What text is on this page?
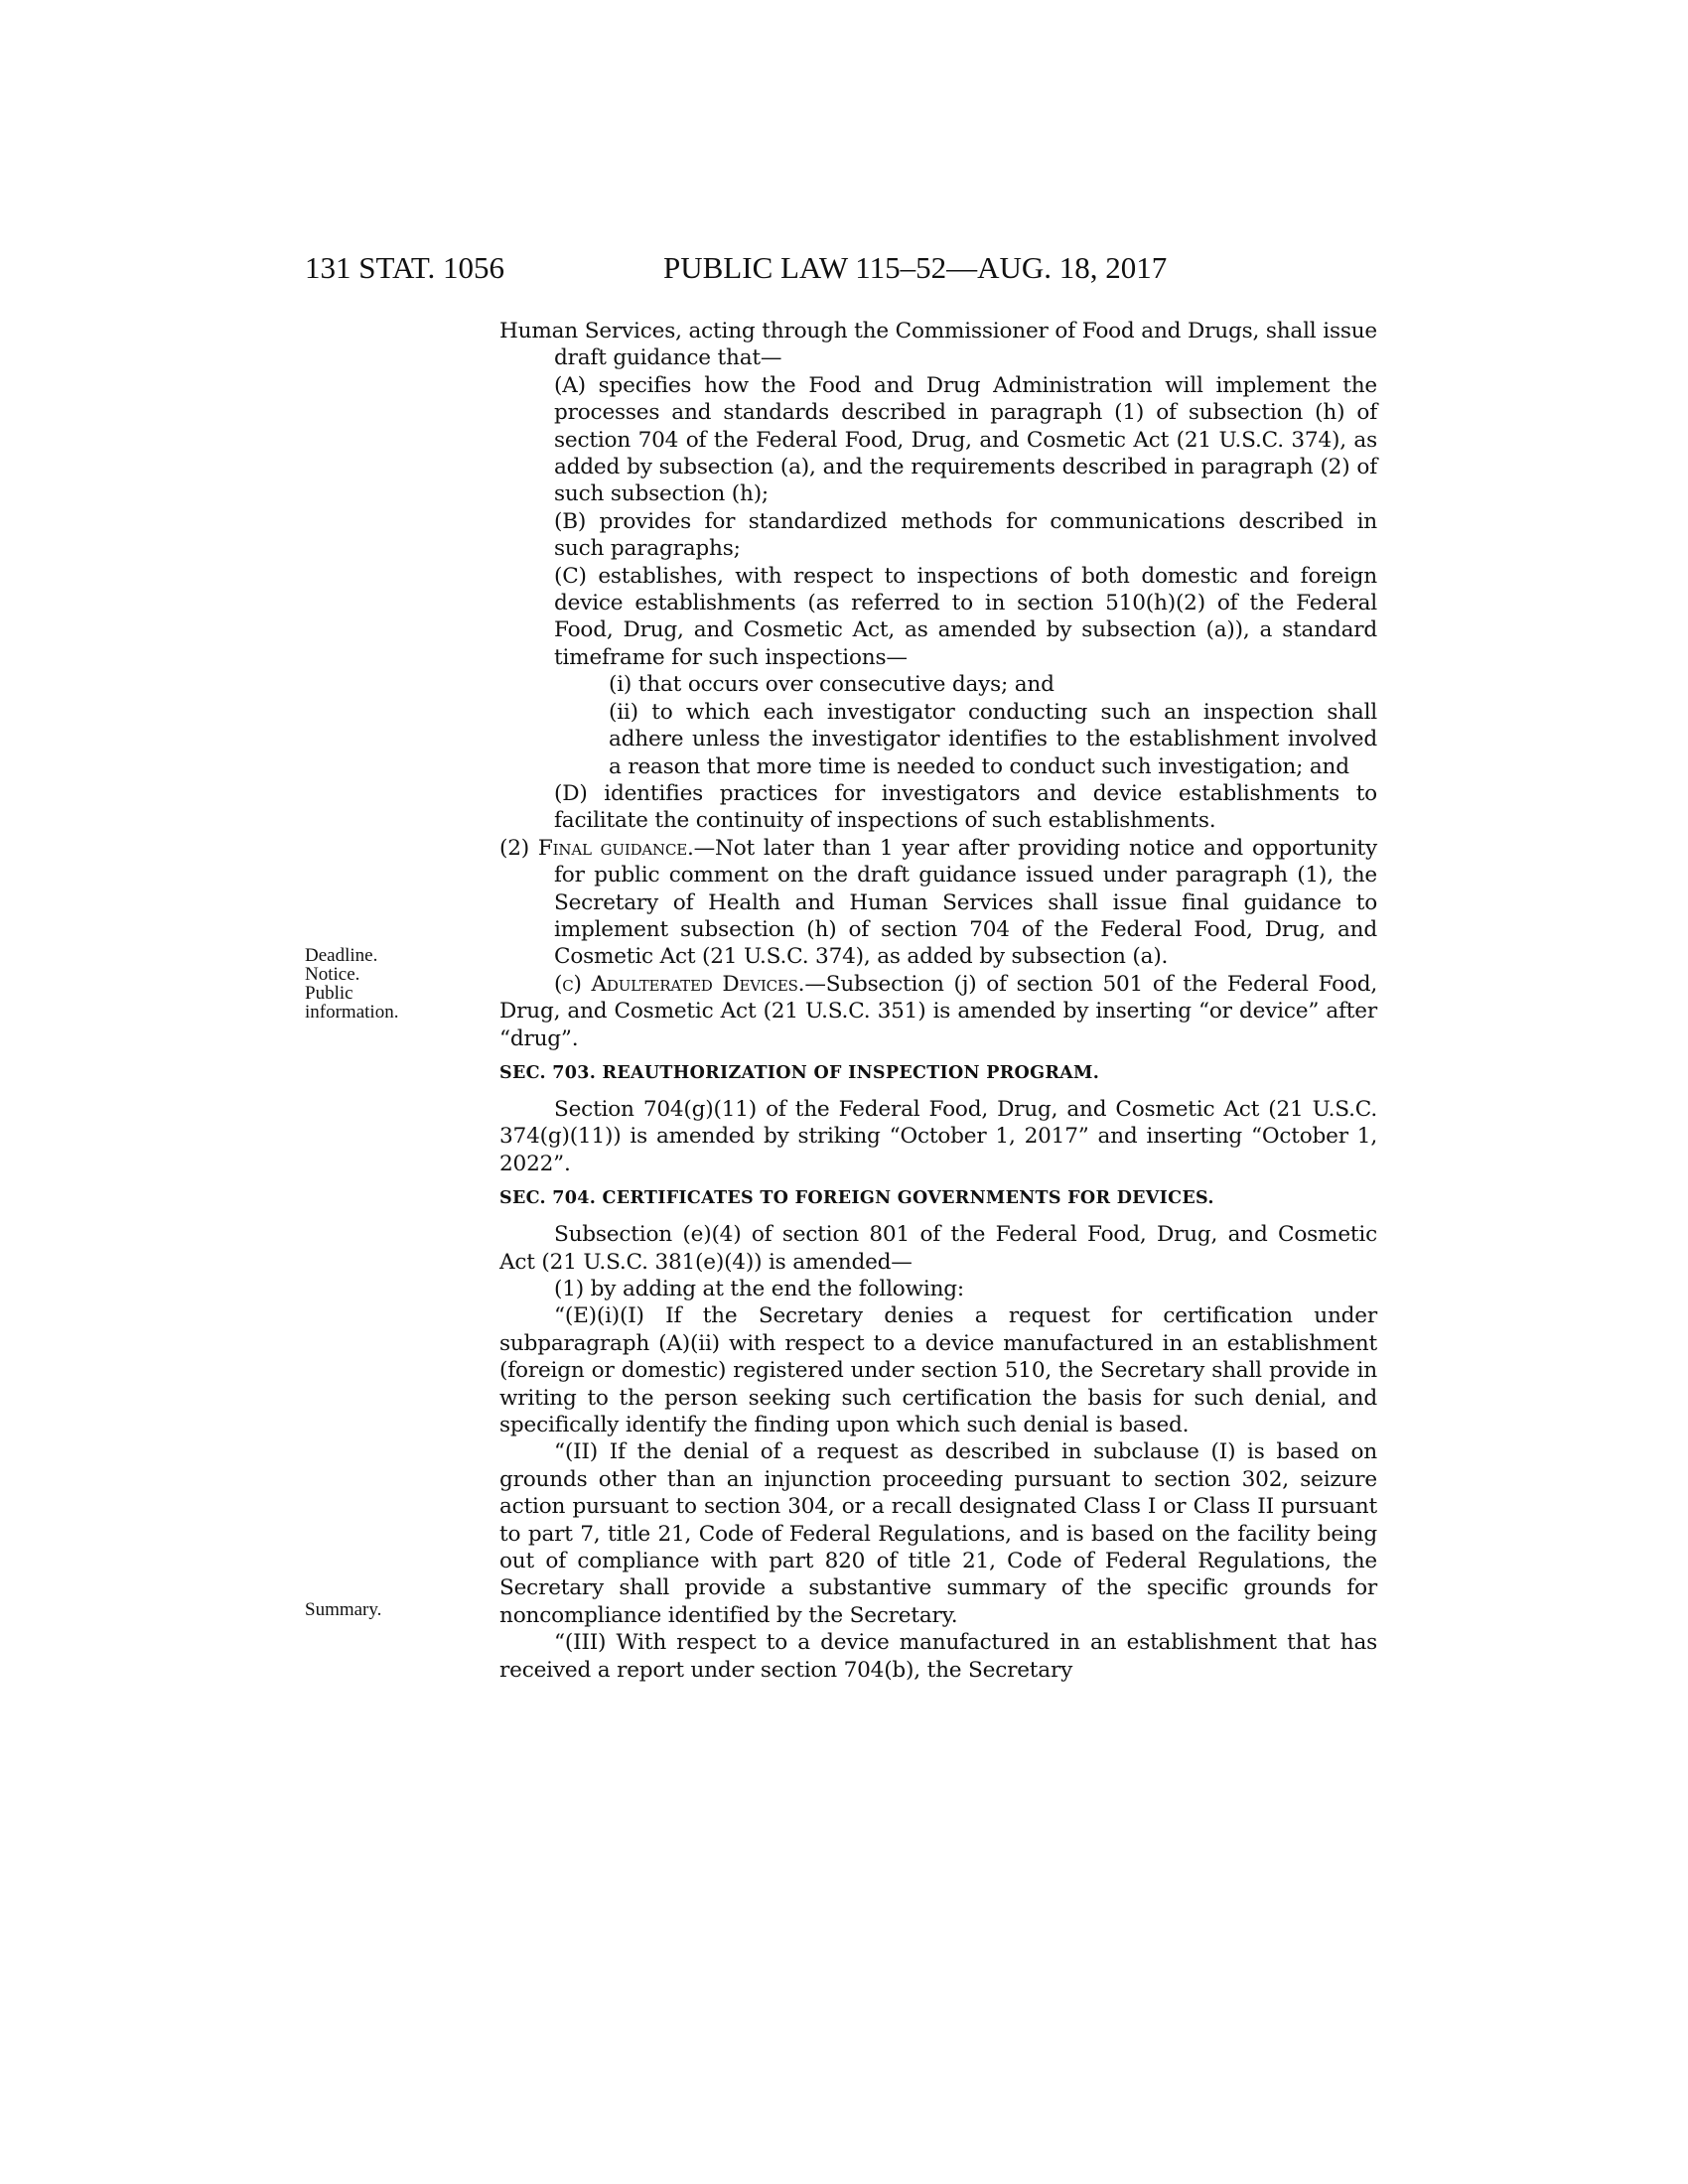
131 STAT. 1056	PUBLIC LAW 115–52—AUG. 18, 2017
Deadline.
Notice.
Public
information.
Summary.

Human Services, acting through the Commissioner of Food and Drugs, shall issue draft guidance that—

(A) specifies how the Food and Drug Administration will implement the processes and standards described in paragraph (1) of subsection (h) of section 704 of the Federal Food, Drug, and Cosmetic Act (21 U.S.C. 374), as added by subsection (a), and the requirements described in paragraph (2) of such subsection (h);

(B) provides for standardized methods for communications described in such paragraphs;

(C) establishes, with respect to inspections of both domestic and foreign device establishments (as referred to in section 510(h)(2) of the Federal Food, Drug, and Cosmetic Act, as amended by subsection (a)), a standard timeframe for such inspections—

(i) that occurs over consecutive days; and

(ii) to which each investigator conducting such an inspection shall adhere unless the investigator identifies to the establishment involved a reason that more time is needed to conduct such investigation; and

(D) identifies practices for investigators and device establishments to facilitate the continuity of inspections of such establishments.

(2) Final guidance.—Not later than 1 year after providing notice and opportunity for public comment on the draft guidance issued under paragraph (1), the Secretary of Health and Human Services shall issue final guidance to implement subsection (h) of section 704 of the Federal Food, Drug, and Cosmetic Act (21 U.S.C. 374), as added by subsection (a).

(c) Adulterated Devices.—Subsection (j) of section 501 of the Federal Food, Drug, and Cosmetic Act (21 U.S.C. 351) is amended by inserting “or device” after “drug”.

SEC. 703. REAUTHORIZATION OF INSPECTION PROGRAM.

Section 704(g)(11) of the Federal Food, Drug, and Cosmetic Act (21 U.S.C. 374(g)(11)) is amended by striking “October 1, 2017” and inserting “October 1, 2022”.

SEC. 704. CERTIFICATES TO FOREIGN GOVERNMENTS FOR DEVICES.

Subsection (e)(4) of section 801 of the Federal Food, Drug, and Cosmetic Act (21 U.S.C. 381(e)(4)) is amended—

(1) by adding at the end the following:

“(E)(i)(I) If the Secretary denies a request for certification under subparagraph (A)(ii) with respect to a device manufactured in an establishment (foreign or domestic) registered under section 510, the Secretary shall provide in writing to the person seeking such certification the basis for such denial, and specifically identify the finding upon which such denial is based.

“(II) If the denial of a request as described in subclause (I) is based on grounds other than an injunction proceeding pursuant to section 302, seizure action pursuant to section 304, or a recall designated Class I or Class II pursuant to part 7, title 21, Code of Federal Regulations, and is based on the facility being out of compliance with part 820 of title 21, Code of Federal Regulations, the Secretary shall provide a substantive summary of the specific grounds for noncompliance identified by the Secretary.

“(III) With respect to a device manufactured in an establishment that has received a report under section 704(b), the Secretary
